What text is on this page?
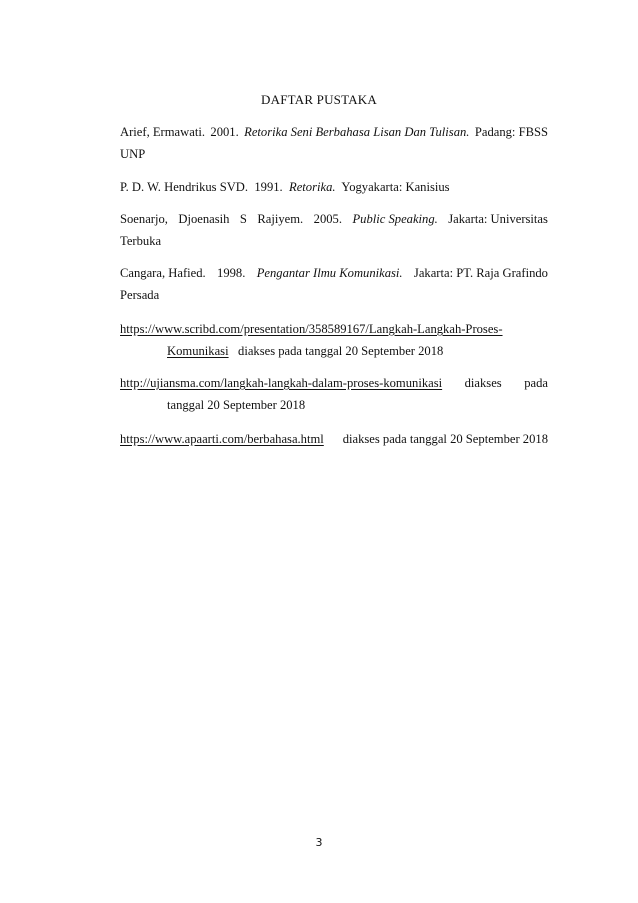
DAFTAR PUSTAKA
Arief, Ermawati. 2001. Retorika Seni Berbahasa Lisan Dan Tulisan. Padang: FBSS
UNP
P. D. W. Hendrikus SVD. 1991. Retorika. Yogyakarta: Kanisius
Soenarjo, Djoenasih S Rajiyem. 2005. Public Speaking. Jakarta: Universitas
Terbuka
Cangara, Hafied. 1998. Pengantar Ilmu Komunikasi. Jakarta: PT. Raja Grafindo
Persada
https://www.scribd.com/presentation/358589167/Langkah-Langkah-Proses-
Komunikasi diakses pada tanggal 20 September 2018
http://ujiansma.com/langkah-langkah-dalam-proses-komunikasi diakses pada
tanggal 20 September 2018
https://www.apaarti.com/berbahasa.html diakses pada tanggal 20 September 2018
3
